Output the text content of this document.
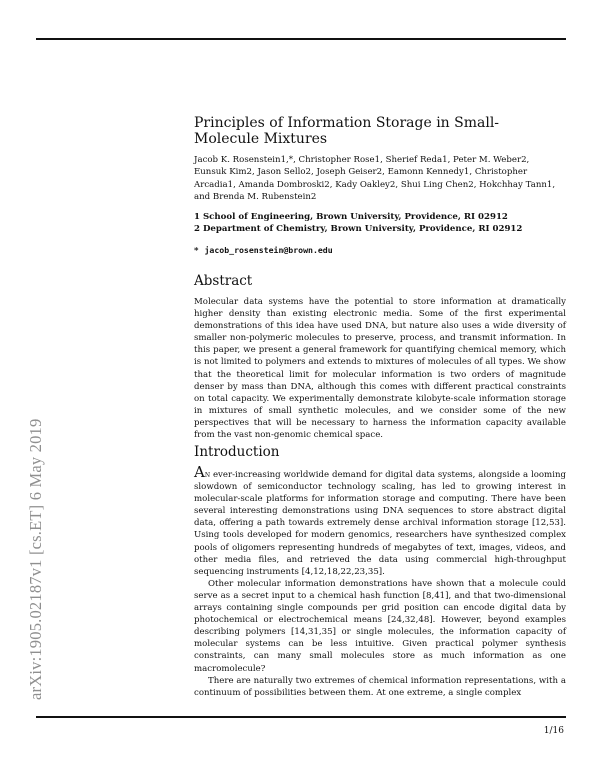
arXiv:1905.02187v1 [cs.ET] 6 May 2019
Principles of Information Storage in Small-Molecule Mixtures

Jacob K. Rosenstein1,*, Christopher Rose1, Sherief Reda1, Peter M. Weber2, Eunsuk Kim2, Jason Sello2, Joseph Geiser2, Eamonn Kennedy1, Christopher Arcadia1, Amanda Dombroski2, Kady Oakley2, Shui Ling Chen2, Hokchhay Tann1, and Brenda M. Rubenstein2

1 School of Engineering, Brown University, Providence, RI 02912
2 Department of Chemistry, Brown University, Providence, RI 02912
* jacob_rosenstein@brown.edu
Abstract

Molecular data systems have the potential to store information at dramatically higher density than existing electronic media. Some of the first experimental demonstrations of this idea have used DNA, but nature also uses a wide diversity of smaller non-polymeric molecules to preserve, process, and transmit information. In this paper, we present a general framework for quantifying chemical memory, which is not limited to polymers and extends to mixtures of molecules of all types. We show that the theoretical limit for molecular information is two orders of magnitude denser by mass than DNA, although this comes with different practical constraints on total capacity. We experimentally demonstrate kilobyte-scale information storage in mixtures of small synthetic molecules, and we consider some of the new perspectives that will be necessary to harness the information capacity available from the vast non-genomic chemical space.

Introduction

An ever-increasing worldwide demand for digital data systems, alongside a looming slowdown of semiconductor technology scaling, has led to growing interest in molecular-scale platforms for information storage and computing. There have been several interesting demonstrations using DNA sequences to store abstract digital data, offering a path towards extremely dense archival information storage [12,53]. Using tools developed for modern genomics, researchers have synthesized complex pools of oligomers representing hundreds of megabytes of text, images, videos, and other media files, and retrieved the data using commercial high-throughput sequencing instruments [4,12,18,22,23,35].

Other molecular information demonstrations have shown that a molecule could serve as a secret input to a chemical hash function [8,41], and that two-dimensional arrays containing single compounds per grid position can encode digital data by photochemical or electrochemical means [24,32,48]. However, beyond examples describing polymers [14,31,35] or single molecules, the information capacity of molecular systems can be less intuitive. Given practical polymer synthesis constraints, can many small molecules store as much information as one macromolecule?

There are naturally two extremes of chemical information representations, with a continuum of possibilities between them. At one extreme, a single complex

1/16
